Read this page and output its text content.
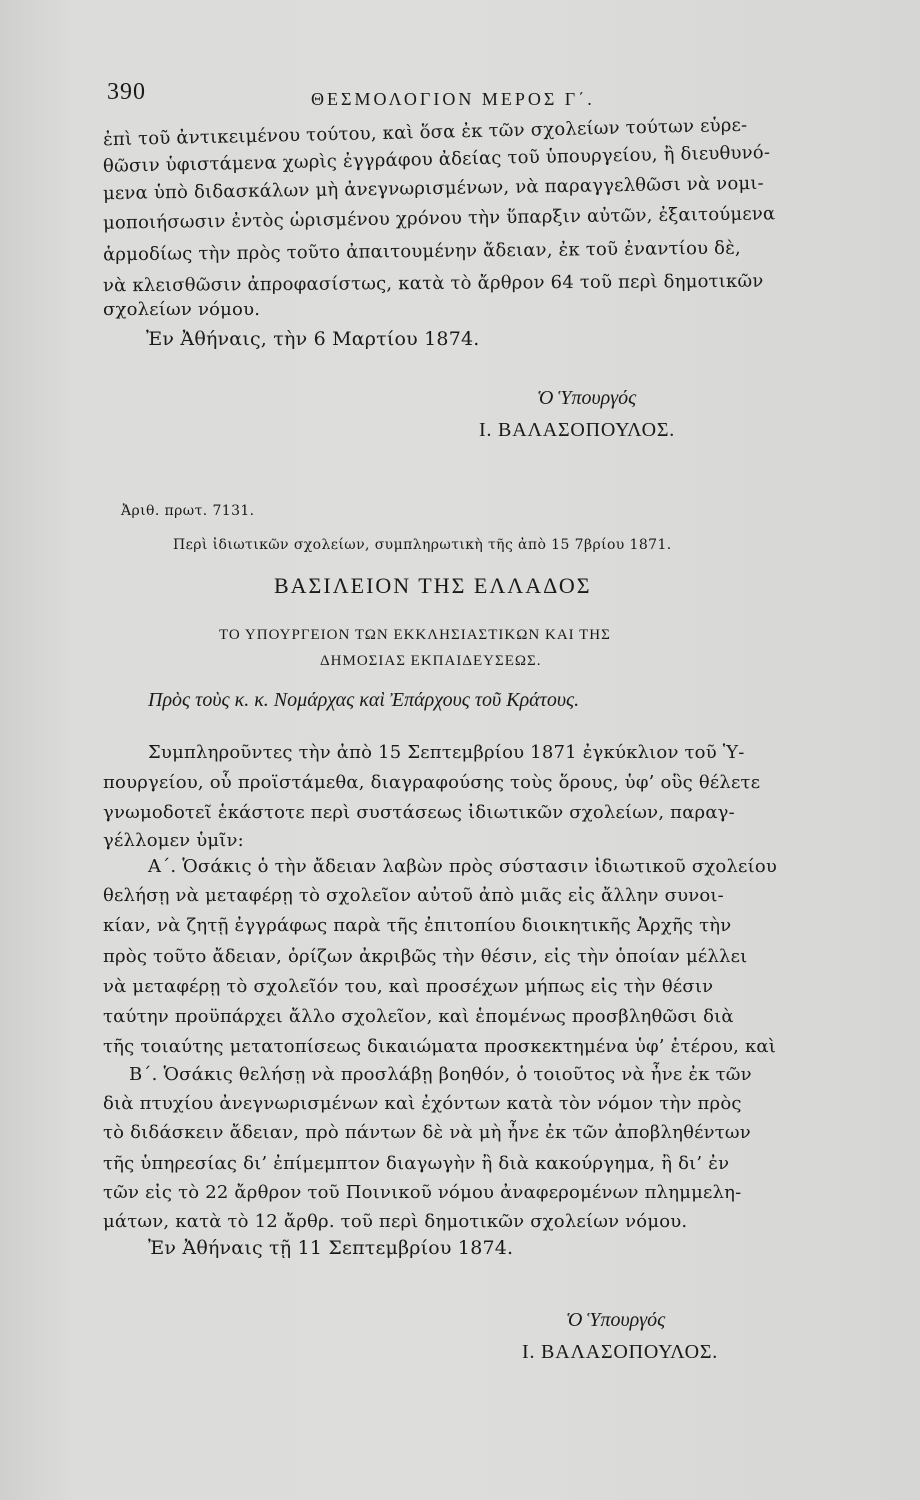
390	ΘΕΣΜΟΛΟΓΙΟΝ ΜΕΡΟΣ Γ΄.
ἐπὶ τοῦ ἀντικειμένου τούτου, καὶ ὅσα ἐκ τῶν σχολείων τούτων εὑρε-
θῶσιν ὑφιστάμενα χωρὶς ἐγγράφου ἀδείας τοῦ ὑπουργείου, ἢ διευθυνό-
μενα ὑπὸ διδασκάλων μὴ ἀνεγνωρισμένων, νὰ παραγγελθῶσι νὰ νομι-
μοποιήσωσιν ἐντὸς ὡρισμένου χρόνου τὴν ὕπαρξιν αὐτῶν, ἐξαιτούμενα
ἁρμοδίως τὴν πρὸς τοῦτο ἀπαιτουμένην ἄδειαν, ἐκ τοῦ ἐναντίου δὲ,
νὰ κλεισθῶσιν ἀπροφασίστως, κατὰ τὸ ἄρθρον 64 τοῦ περὶ δημοτικῶν
σχολείων νόμου.
Ἐν Ἀθήναις, τὴν 6 Μαρτίου 1874.
Ὁ Ὑπουργός
Ι. ΒΑΛΑΣΟΠΟΥΛΟΣ.
Ἀριθ. πρωτ. 7131.
Περὶ ἰδιωτικῶν σχολείων, συμπληρωτικὴ τῆς ἀπὸ 15 7βρίου 1871.
ΒΑΣΙΛΕΙΟΝ ΤΗΣ ΕΛΛΑΔΟΣ
ΤΟ ΥΠΟΥΡΓΕΙΟΝ ΤΩΝ ΕΚΚΛΗΣΙΑΣΤΙΚΩΝ ΚΑΙ ΤΗΣ
ΔΗΜΟΣΙΑΣ ΕΚΠΑΙΔΕΥΣΕΩΣ.
Πρὸς τοὺς κ. κ. Νομάρχας καὶ Ἐπάρχους τοῦ Κράτους.
Συμπληροῦντες τὴν ἀπὸ 15 Σεπτεμβρίου 1871 ἐγκύκλιον τοῦ Ὑ-
πουργείου, οὗ προϊστάμεθα, διαγραφούσης τοὺς ὅρους, ὑφ’ οὓς θέλετε
γνωμοδοτεῖ ἑκάστοτε περὶ συστάσεως ἰδιωτικῶν σχολείων, παραγ-
γέλλομεν ὑμῖν:
Α΄. Ὁσάκις ὁ τὴν ἄδειαν λαβὼν πρὸς σύστασιν ἰδιωτικοῦ σχολείου
θελήσῃ νὰ μεταφέρῃ τὸ σχολεῖον αὐτοῦ ἀπὸ μιᾶς εἰς ἄλλην συνοι-
κίαν, νὰ ζητῇ ἐγγράφως παρὰ τῆς ἐπιτοπίου διοικητικῆς Ἀρχῆς τὴν
πρὸς τοῦτο ἄδειαν, ὁρίζων ἀκριβῶς τὴν θέσιν, εἰς τὴν ὁποίαν μέλλει
νὰ μεταφέρῃ τὸ σχολεῖόν του, καὶ προσέχων μήπως εἰς τὴν θέσιν
ταύτην προϋπάρχει ἄλλο σχολεῖον, καὶ ἑπομένως προσβληθῶσι διὰ
τῆς τοιαύτης μετατοπίσεως δικαιώματα προσκεκτημένα ὑφ’ ἑτέρου, καὶ
Β΄. Ὁσάκις θελήσῃ νὰ προσλάβῃ βοηθόν, ὁ τοιοῦτος νὰ ἦνε ἐκ τῶν
διὰ πτυχίου ἀνεγνωρισμένων καὶ ἐχόντων κατὰ τὸν νόμον τὴν πρὸς
τὸ διδάσκειν ἄδειαν, πρὸ πάντων δὲ νὰ μὴ ἦνε ἐκ τῶν ἀποβληθέντων
τῆς ὑπηρεσίας δι’ ἐπίμεμπτον διαγωγὴν ἢ διὰ κακούργημα, ἢ δι’ ἐν
τῶν εἰς τὸ 22 ἄρθρον τοῦ Ποινικοῦ νόμου ἀναφερομένων πλημμελη-
μάτων, κατὰ τὸ 12 ἄρθρ. τοῦ περὶ δημοτικῶν σχολείων νόμου.
Ἐν Ἀθήναις τῇ 11 Σεπτεμβρίου 1874.
Ὁ Ὑπουργός
Ι. ΒΑΛΑΣΟΠΟΥΛΟΣ.
